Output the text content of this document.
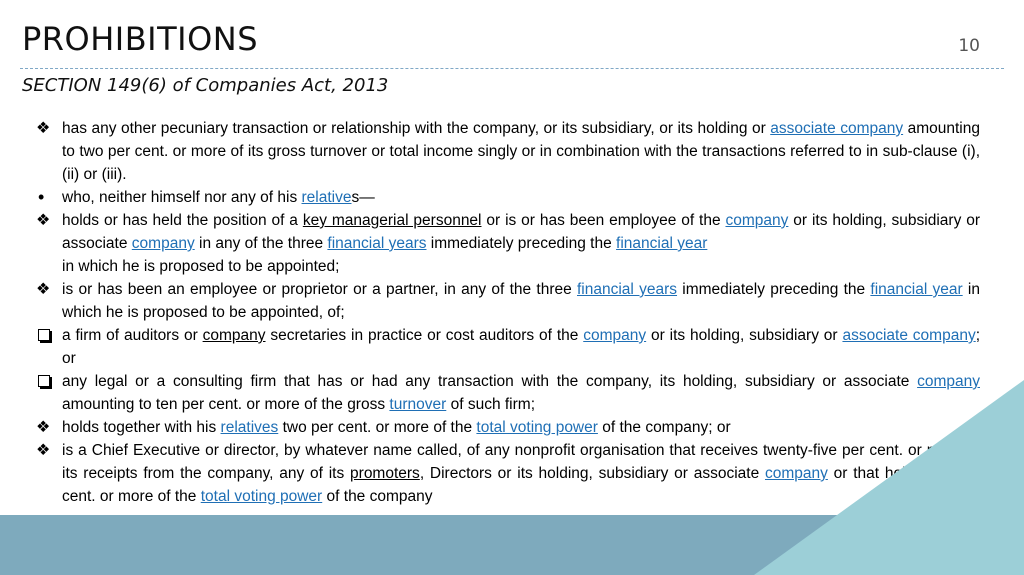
PROHIBITIONS	10
SECTION 149(6) of Companies Act, 2013
❖
has any other pecuniary transaction or relationship with the company, or its subsidiary, or its holding or associate company amounting to two per cent. or more of its gross turnover or total income singly or in combination with the transactions referred to in sub-clause (i), (ii) or (iii).
•
who, neither himself nor any of his relatives—
❖
holds or has held the position of a key managerial personnel or is or has been employee of the company or its holding, subsidiary or associate company in any of the three financial years immediately preceding the financial year
in which he is proposed to be appointed;
❖
is or has been an employee or proprietor or a partner, in any of the three financial years immediately preceding the financial year in which he is proposed to be appointed, of;
a firm of auditors or company secretaries in practice or cost auditors of the company or its holding, subsidiary or associate company; or
any legal or a consulting firm that has or had any transaction with the company, its holding, subsidiary or associate company amounting to ten per cent. or more of the gross turnover of such firm;
❖
holds together with his relatives two per cent. or more of the total voting power of the company; or
❖
is a Chief Executive or director, by whatever name called, of any nonprofit organisation that receives twenty-five per cent. or more of its receipts from the company, any of its promoters, Directors or its holding, subsidiary or associate company or that holds two per cent. or more of the total voting power of the company
